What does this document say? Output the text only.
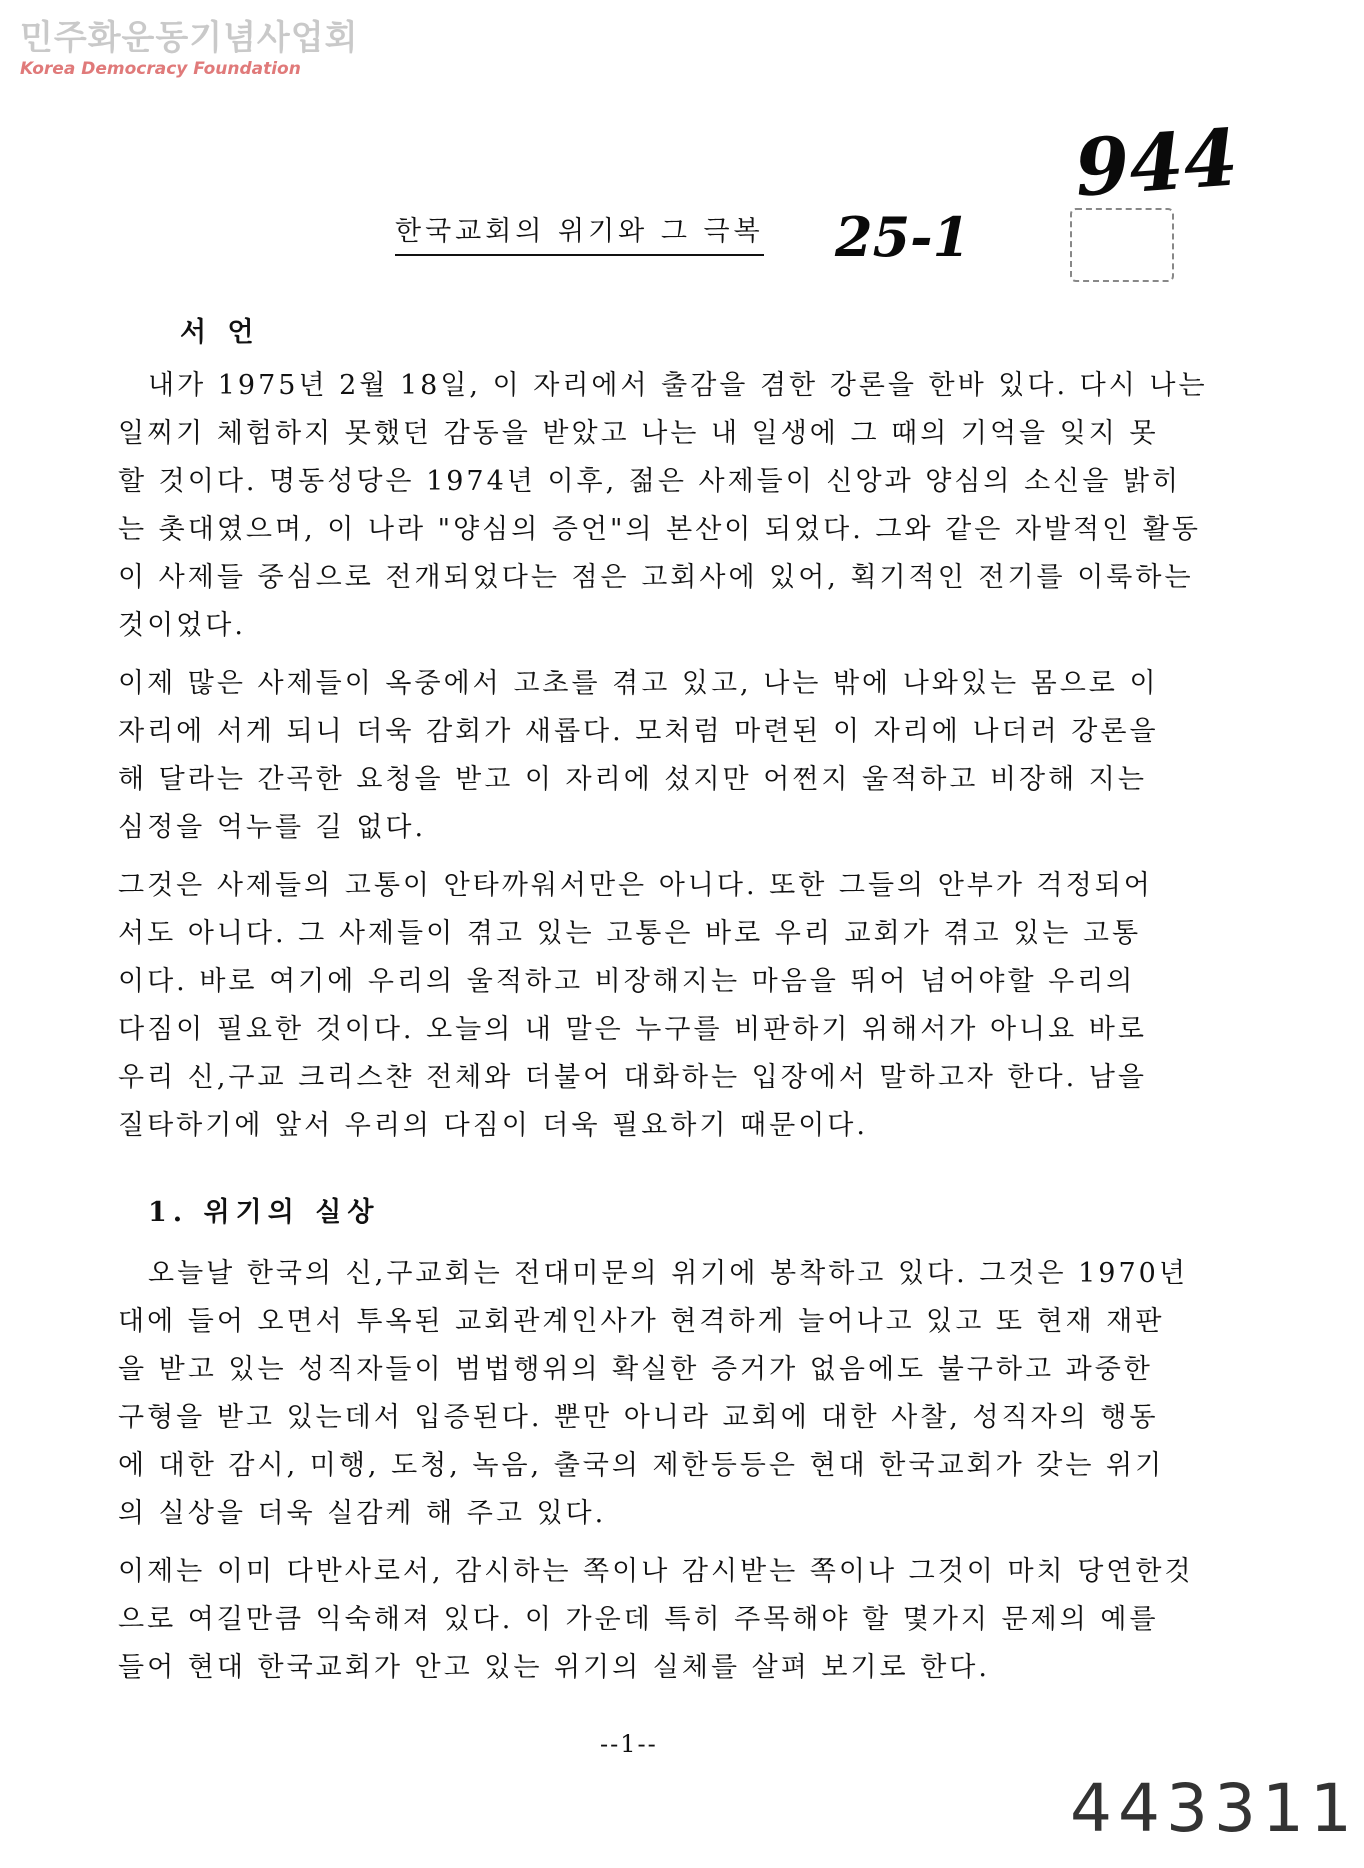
민주화운동기념사업회
Korea Democracy Foundation
944
25-1
한국교회의 위기와 그 극복
서 언
내가 1975년 2월 18일, 이 자리에서 출감을 겸한 강론을 한바 있다. 다시 나는
일찌기 체험하지 못했던 감동을 받았고 나는 내 일생에 그 때의 기억을 잊지 못
할 것이다. 명동성당은 1974년 이후, 젊은 사제들이 신앙과 양심의 소신을 밝히
는 촛대였으며, 이 나라 "양심의 증언"의 본산이 되었다. 그와 같은 자발적인 활동
이 사제들 중심으로 전개되었다는 점은 고회사에 있어, 획기적인 전기를 이룩하는
것이었다.
이제 많은 사제들이 옥중에서 고초를 겪고 있고, 나는 밖에 나와있는 몸으로 이
자리에 서게 되니 더욱 감회가 새롭다. 모처럼 마련된 이 자리에 나더러 강론을
해 달라는 간곡한 요청을 받고 이 자리에 섰지만 어쩐지 울적하고 비장해 지는
심정을 억누를 길 없다.
그것은 사제들의 고통이 안타까워서만은 아니다. 또한 그들의 안부가 걱정되어
서도 아니다. 그 사제들이 겪고 있는 고통은 바로 우리 교회가 겪고 있는 고통
이다. 바로 여기에 우리의 울적하고 비장해지는 마음을 뛰어 넘어야할 우리의
다짐이 필요한 것이다. 오늘의 내 말은 누구를 비판하기 위해서가 아니요 바로
우리 신,구교 크리스챤 전체와 더불어 대화하는 입장에서 말하고자 한다. 남을
질타하기에 앞서 우리의 다짐이 더욱 필요하기 때문이다.
1. 위기의 실상
오늘날 한국의 신,구교회는 전대미문의 위기에 봉착하고 있다. 그것은 1970년
대에 들어 오면서 투옥된 교회관계인사가 현격하게 늘어나고 있고 또 현재 재판
을 받고 있는 성직자들이 범법행위의 확실한 증거가 없음에도 불구하고 과중한
구형을 받고 있는데서 입증된다. 뿐만 아니라 교회에 대한 사찰, 성직자의 행동
에 대한 감시, 미행, 도청, 녹음, 출국의 제한등등은 현대 한국교회가 갖는 위기
의 실상을 더욱 실감케 해 주고 있다.
이제는 이미 다반사로서, 감시하는 쪽이나 감시받는 쪽이나 그것이 마치 당연한것
으로 여길만큼 익숙해져 있다. 이 가운데 특히 주목해야 할 몇가지 문제의 예를
들어 현대 한국교회가 안고 있는 위기의 실체를 살펴 보기로 한다.
--1--
443311
